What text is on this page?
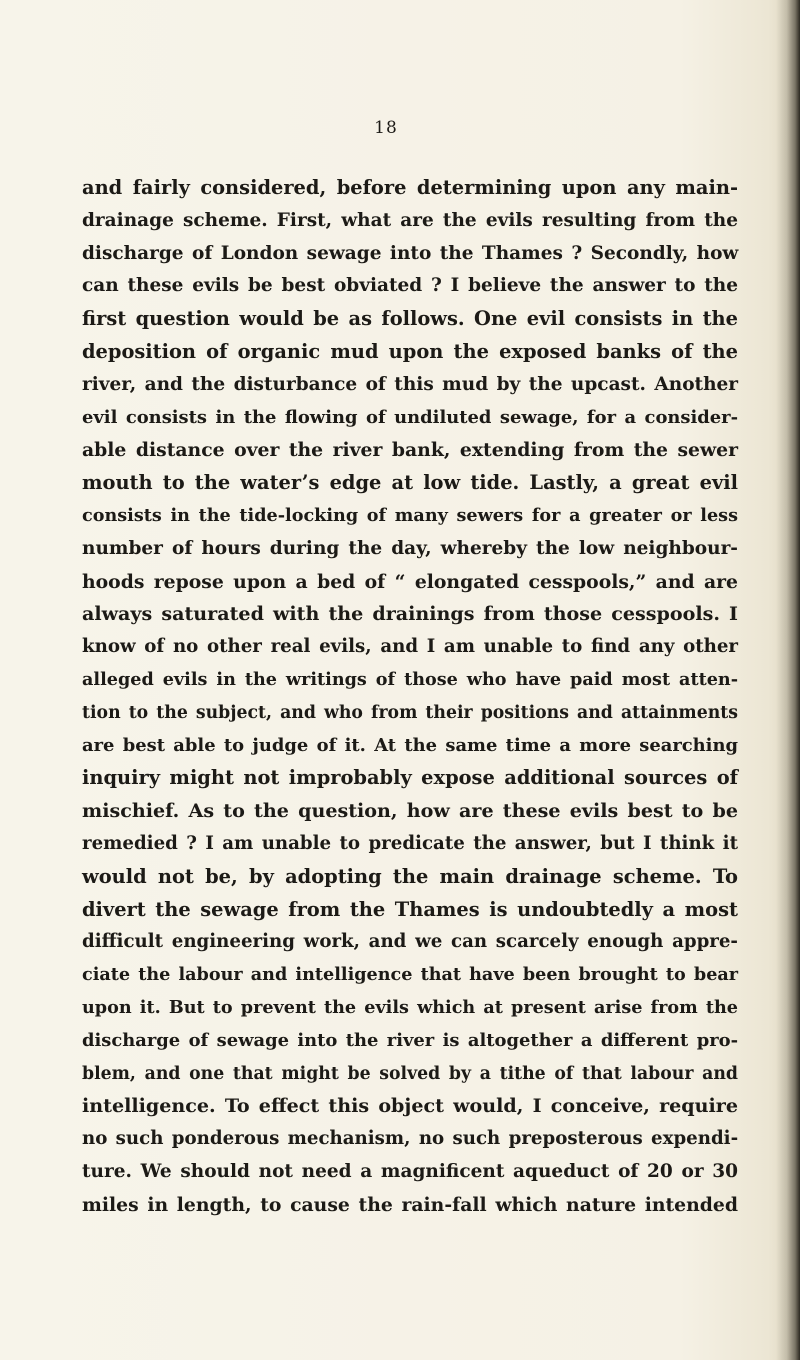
18
and fairly considered, before determining upon any main-
drainage scheme. First, what are the evils resulting from the
discharge of London sewage into the Thames ? Secondly, how
can these evils be best obviated ? I believe the answer to the
first question would be as follows. One evil consists in the
deposition of organic mud upon the exposed banks of the
river, and the disturbance of this mud by the upcast. Another
evil consists in the flowing of undiluted sewage, for a consider-
able distance over the river bank, extending from the sewer
mouth to the water’s edge at low tide. Lastly, a great evil
consists in the tide-locking of many sewers for a greater or less
number of hours during the day, whereby the low neighbour-
hoods repose upon a bed of “ elongated cesspools,” and are
always saturated with the drainings from those cesspools. I
know of no other real evils, and I am unable to find any other
alleged evils in the writings of those who have paid most atten-
tion to the subject, and who from their positions and attainments
are best able to judge of it. At the same time a more searching
inquiry might not improbably expose additional sources of
mischief. As to the question, how are these evils best to be
remedied ? I am unable to predicate the answer, but I think it
would not be, by adopting the main drainage scheme. To
divert the sewage from the Thames is undoubtedly a most
difficult engineering work, and we can scarcely enough appre-
ciate the labour and intelligence that have been brought to bear
upon it. But to prevent the evils which at present arise from the
discharge of sewage into the river is altogether a different pro-
blem, and one that might be solved by a tithe of that labour and
intelligence. To effect this object would, I conceive, require
no such ponderous mechanism, no such preposterous expendi-
ture. We should not need a magnificent aqueduct of 20 or 30
miles in length, to cause the rain-fall which nature intended
